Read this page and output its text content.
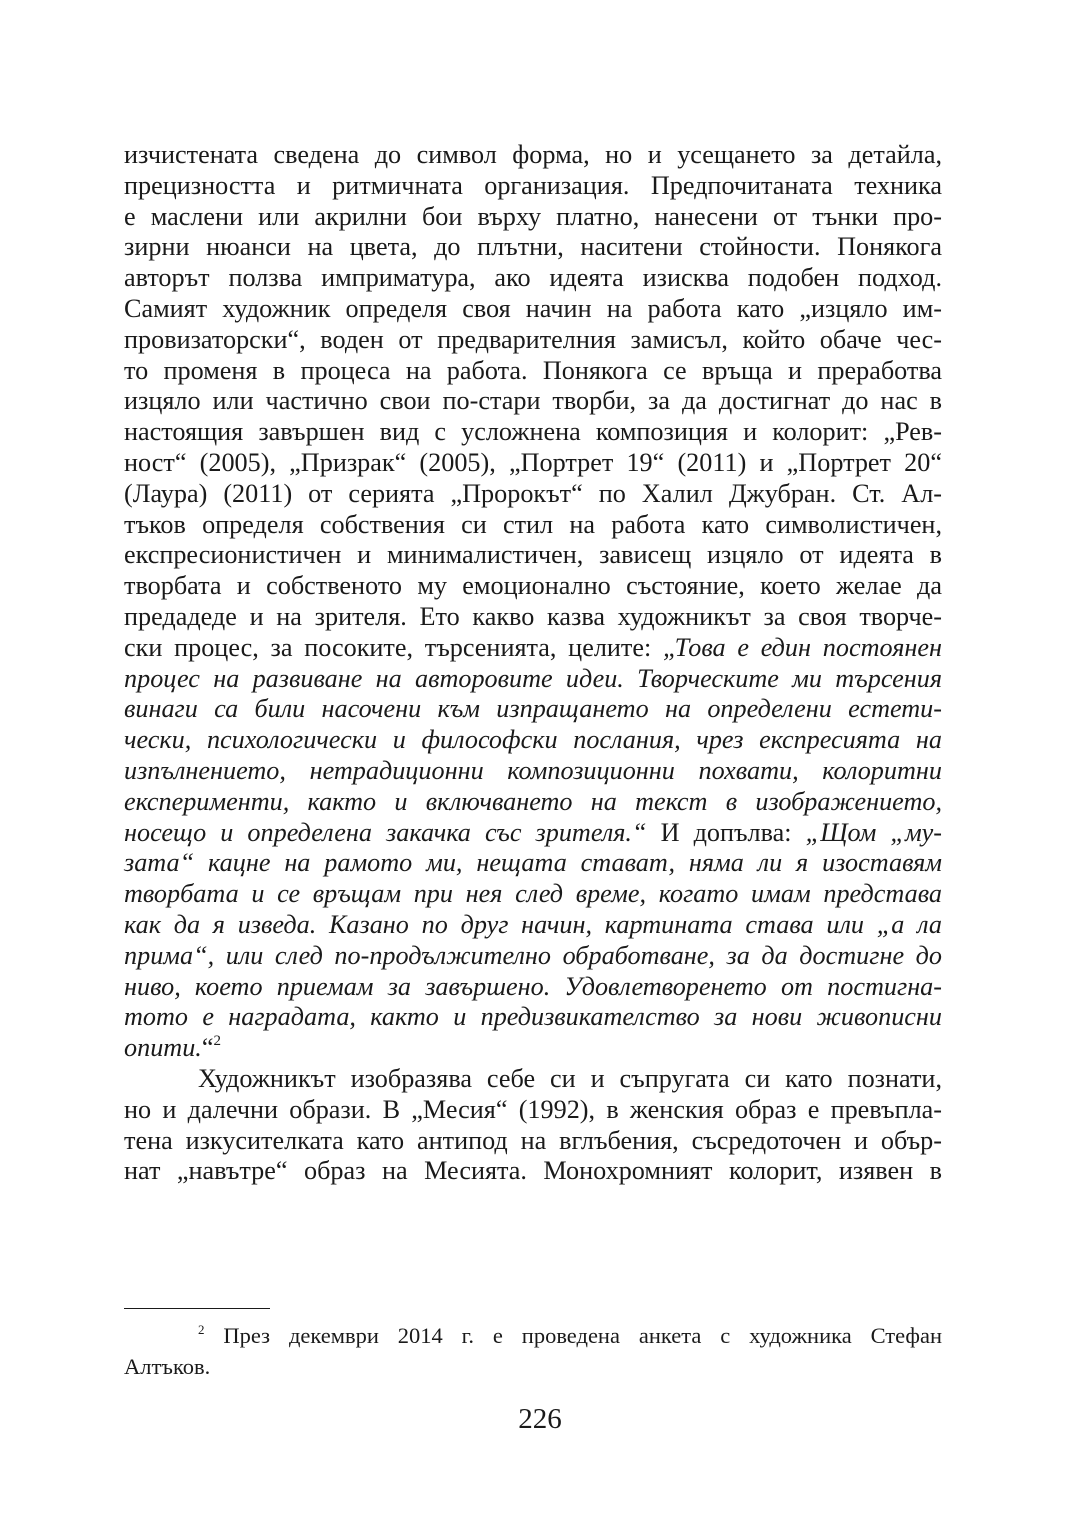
изчистената сведена до символ форма, но и усещането за детайла,
прецизността и ритмичната организация. Предпочитаната техника
е маслени или акрилни бои върху платно, нанесени от тънки про-
зирни нюанси на цвета, до плътни, наситени стойности. Понякога
авторът ползва импpиматура, ако идеята изисква подобен подход.
Самият художник определя своя начин на работа като „изцяло им-
провизаторски“, воден от предварителния замисъл, който обаче чес-
то променя в процеса на работа. Понякога се връща и преработва
изцяло или частично свои по-стари творби, за да достигнат до нас в
настоящия завършен вид с усложнена композиция и колорит: „Рев-
ност“ (2005), „Призрак“ (2005), „Портрет 19“ (2011) и „Портрет 20“
(Лаура) (2011) от серията „Пророкът“ по Халил Джубран. Ст. Ал-
тъков определя собствения си стил на работа като символистичен,
експресионистичен и минималистичен, зависещ изцяло от идеята в
творбата и собственото му емоционално състояние, което желае да
предадеде и на зрителя. Ето какво казва художникът за своя творче-
ски процес, за посоките, търсенията, целите: „Това е един постоянен
процес на развиване на авторовите идеи. Творческите ми търсения
винаги са били насочени към изпращането на определени естети-
чески, психологически и философски послания, чрез експресията на
изпълнението, нетрадиционни композиционни похвати, колоритни
експерименти, както и включването на текст в изображението,
носещо и определена закачка със зрителя.“ И допълва: „Щом „му-
зата“ кацне на рамото ми, нещата стават, няма ли я изоставям
творбата и се връщам при нея след време, когато имам представа
как да я изведа. Казано по друг начин, картината става или „а ла
прима“, или след по-продължително обработване, за да достигне до
ниво, което приемам за завършено. Удовлетворенето от постигна-
тото е наградата, както и предизвикателство за нови живописни
опити.“$^2$
Художникът изобразява себе си и съпругата си като познати,
но и далечни образи. В „Месия“ (1992), в женския образ е превъпла-
тена изкусителката като антипод на вглъбения, съсредоточен и обър-
нат „навътре“ образ на Месията. Монохромният колорит, изявен в
$^2$ През декември 2014 г. е проведена анкета с художника Стефан
Алтъков.
226
